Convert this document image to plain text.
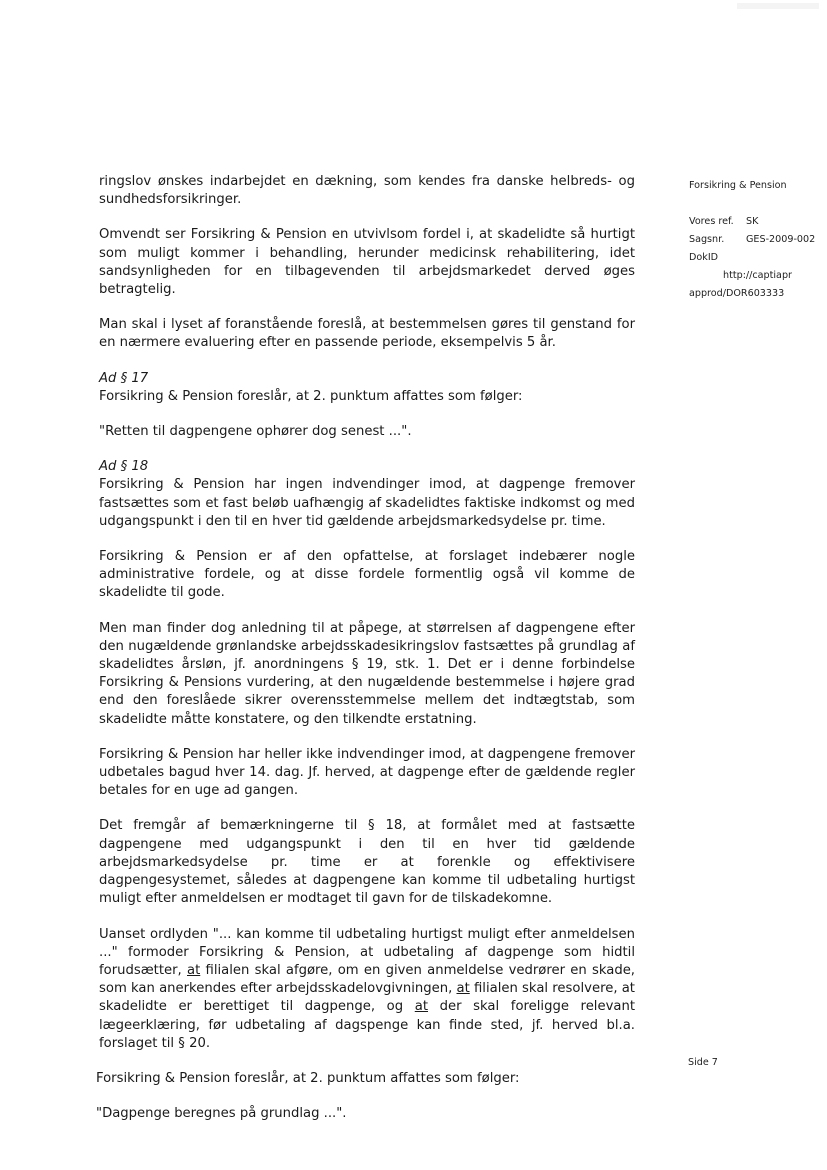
Forsikring & Pension
Vores ref. SK
Sagsnr. GES-2009-002
DokID
http://captiapr
approd/DOR603333

ringslov ønskes indarbejdet en dækning, som kendes fra danske helbreds- og sundhedsforsikringer.

Omvendt ser Forsikring & Pension en utvivlsom fordel i, at skadelidte så hurtigt som muligt kommer i behandling, herunder medicinsk rehabilitering, idet sandsynligheden for en tilbagevenden til arbejdsmarkedet derved øges betragtelig.

Man skal i lyset af foranstående foreslå, at bestemmelsen gøres til genstand for en nærmere evaluering efter en passende periode, eksempelvis 5 år.

Ad § 17

Forsikring & Pension foreslår, at 2. punktum affattes som følger:

"Retten til dagpengene ophører dog senest ...".

Ad § 18

Forsikring & Pension har ingen indvendinger imod, at dagpenge fremover fastsættes som et fast beløb uafhængig af skadelidtes faktiske indkomst og med udgangspunkt i den til en hver tid gældende arbejdsmarkedsydelse pr. time.

Forsikring & Pension er af den opfattelse, at forslaget indebærer nogle administrative fordele, og at disse fordele formentlig også vil komme de skadelidte til gode.

Men man finder dog anledning til at påpege, at størrelsen af dagpengene efter den nugældende grønlandske arbejdsskadesikringslov fastsættes på grundlag af skadelidtes årsløn, jf. anordningens § 19, stk. 1. Det er i denne forbindelse Forsikring & Pensions vurdering, at den nugældende bestemmelse i højere grad end den foreslåede sikrer overensstemmelse mellem det indtægtstab, som skadelidte måtte konstatere, og den tilkendte erstatning.

Forsikring & Pension har heller ikke indvendinger imod, at dagpengene fremover udbetales bagud hver 14. dag. Jf. herved, at dagpenge efter de gældende regler betales for en uge ad gangen.

Det fremgår af bemærkningerne til § 18, at formålet med at fastsætte dagpengene med udgangspunkt i den til en hver tid gældende arbejdsmarkedsydelse pr. time er at forenkle og effektivisere dagpengesystemet, således at dagpengene kan komme til udbetaling hurtigst muligt efter anmeldelsen er modtaget til gavn for de tilskadekomne.

Uanset ordlyden "... kan komme til udbetaling hurtigst muligt efter anmeldelsen ..." formoder Forsikring & Pension, at udbetaling af dagpenge som hidtil forudsætter, at filialen skal afgøre, om en given anmeldelse vedrører en skade, som kan anerkendes efter arbejdsskadelovgivningen, at filialen skal resolvere, at skadelidte er berettiget til dagpenge, og at der skal foreligge relevant lægeerklæring, før udbetaling af dagspenge kan finde sted, jf. herved bl.a. forslaget til § 20.

Forsikring & Pension foreslår, at 2. punktum affattes som følger:

"Dagpenge beregnes på grundlag ...".

Side 7
